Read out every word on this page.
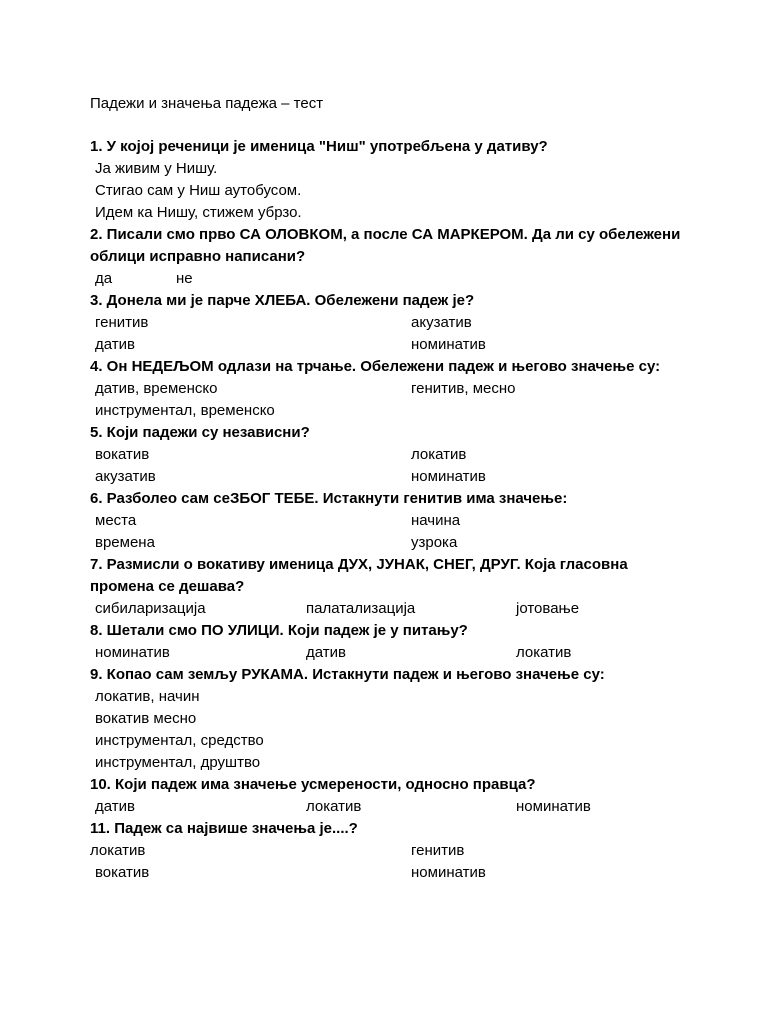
Падежи и значења падежа – тест
1. У којој реченици је именица "Ниш" употребљена у дативу?
Ја живим у Нишу.
Стигао сам у Ниш аутобусом.
Идем ка Нишу, стижем убрзо.
2. Писали смо прво СА ОЛОВКОМ, а после СА МАРКЕРОМ. Да ли су обележени облици исправно написани?
да	не
3. Донела ми је парче ХЛЕБА. Обележени падеж је?
генитив	акузатив
датив	номинатив
4. Он НЕДЕЉОМ одлази на трчање. Обележени падеж и његово значење су:
датив, временско	генитив, месно
инструментал, временско
5. Који падежи су независни?
вокатив	локатив
акузатив	номинатив
6. Разболео сам сеЗБОГ ТЕБЕ. Истакнути генитив има значење:
места	начина
времена	узрока
7. Размисли о вокативу именица ДУХ, ЈУНАК, СНЕГ, ДРУГ. Која гласовна промена се дешава?
сибиларизација	палатализација	јотовање
8. Шетали смо ПО УЛИЦИ. Који падеж је у питању?
номинатив	датив	локатив
9. Копао сам земљу РУКАМА. Истакнути падеж и његово значење су:
локатив, начин
вокатив месно
инструментал, средство
инструментал, друштво
10. Који падеж има значење усмерености, односно правца?
датив	локатив	номинатив
11. Падеж са највише значења је....?
локатив	генитив
вокатив	номинатив
